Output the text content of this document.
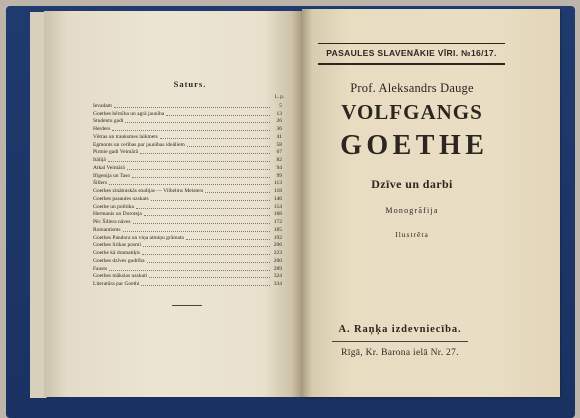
Saturs.
L. p.
Ievadam	5
Goethes bērnība un agrā jaunība	13
Studentu gadi	26
Herders	36
Vētras un trauksmes laikmets	41
Egmonts un cerības par jaunības ideāliem	58
Pirmie gadi Veimārā	67
Itālijā	82
Atkal Veimārā	94
Ifigenija un Taso	99
Šillers	113
Goethes zinātniskās studijas — Vilhelms Meisters	118
Goethes pasaules uzskats	146
Goethe un politika	154
Hermanis un Doroteja	168
Pēc Šillera nāves	172
Romantisms	185
Goethes Pandora un viņa atmiņu grāmata	192
Goethes lirikas posmi	206
Goethe kā dramatiķis	223
Goethes dzīves gudrība	260
Fausts	289
Goethes mākslas uzskati	324
Literatūra par Goethi	334
PASAULES SLAVENĀKIE VĪRI. №16/17.
Prof. Aleksandrs Dauge
VOLFGANGS
GOETHE
Dzīve un darbi
Monogrāfija
Ilustrēta
A. Raņķa izdevniecība.
Rīgā, Kr. Barona ielā Nr. 27.
